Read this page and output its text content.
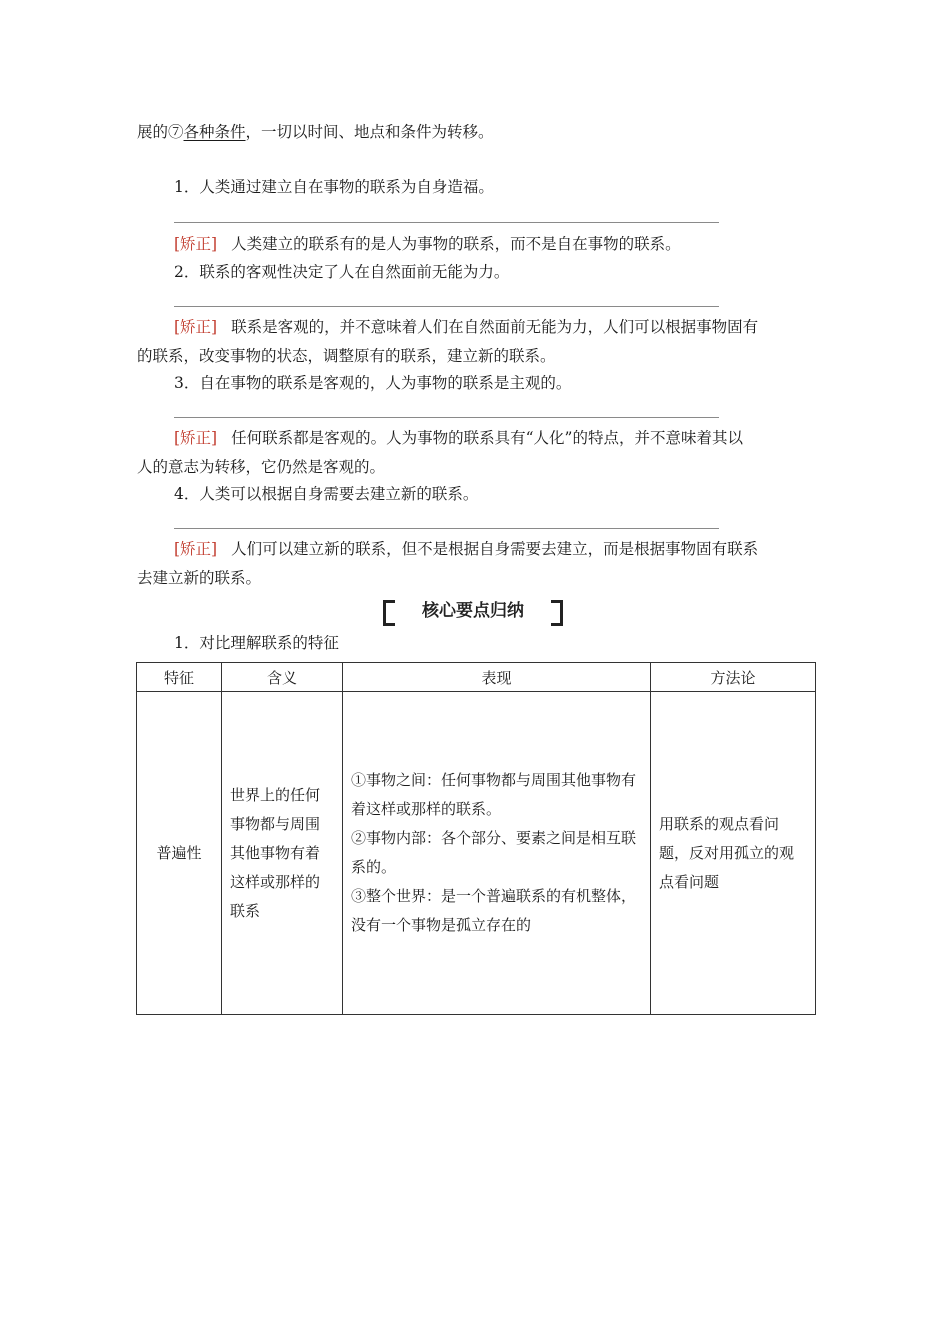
展的⑦各种条件，一切以时间、地点和条件为转移。
1．人类通过建立自在事物的联系为自身造福。
[矫正] 人类建立的联系有的是人为事物的联系，而不是自在事物的联系。
2．联系的客观性决定了人在自然面前无能为力。
[矫正] 联系是客观的，并不意味着人们在自然面前无能为力，人们可以根据事物固有
的联系，改变事物的状态，调整原有的联系，建立新的联系。
3．自在事物的联系是客观的，人为事物的联系是主观的。
[矫正] 任何联系都是客观的。人为事物的联系具有“人化”的特点，并不意味着其以
人的意志为转移，它仍然是客观的。
4．人类可以根据自身需要去建立新的联系。
[矫正] 人们可以建立新的联系，但不是根据自身需要去建立，而是根据事物固有联系
去建立新的联系。
核心要点归纳
1．对比理解联系的特征
特征	含义	表现	方法论
普遍性	世界上的任何事物都与周围其他事物有着这样或那样的联系	①事物之间：任何事物都与周围其他事物有着这样或那样的联系。
②事物内部：各个部分、要素之间是相互联系的。
③整个世界：是一个普遍联系的有机整体，没有一个事物是孤立存在的	用联系的观点看问题，反对用孤立的观点看问题
